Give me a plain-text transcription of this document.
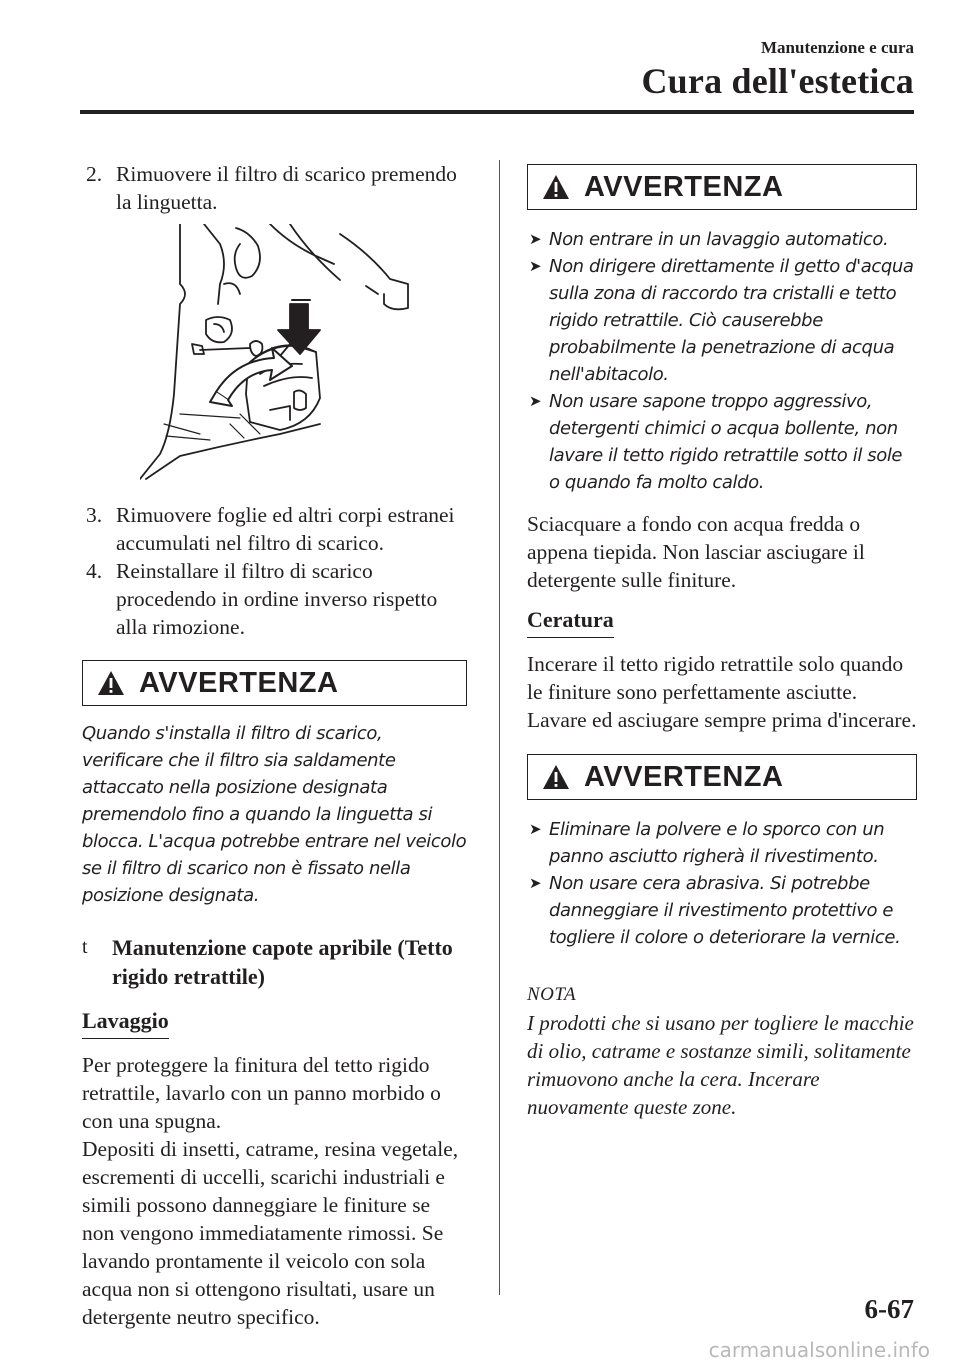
Manutenzione e cura
Cura dell'estetica

2. Rimuovere il filtro di scarico premendo la linguetta.

3. Rimuovere foglie ed altri corpi estranei accumulati nel filtro di scarico.

4. Reinstallare il filtro di scarico procedendo in ordine inverso rispetto alla rimozione.

AVVERTENZA

Quando s'installa il filtro di scarico, verificare che il filtro sia saldamente attaccato nella posizione designata premendolo fino a quando la linguetta si blocca. L'acqua potrebbe entrare nel veicolo se il filtro di scarico non è fissato nella posizione designata.

t Manutenzione capote apribile (Tetto rigido retrattile)
Lavaggio

Per proteggere la finitura del tetto rigido retrattile, lavarlo con un panno morbido o con una spugna.

Depositi di insetti, catrame, resina vegetale, escrementi di uccelli, scarichi industriali e simili possono danneggiare le finiture se non vengono immediatamente rimossi. Se lavando prontamente il veicolo con sola acqua non si ottengono risultati, usare un detergente neutro specifico.

AVVERTENZA
➤ Non entrare in un lavaggio automatico.
➤ Non dirigere direttamente il getto d'acqua sulla zona di raccordo tra cristalli e tetto rigido retrattile. Ciò causerebbe probabilmente la penetrazione di acqua nell'abitacolo.
➤ Non usare sapone troppo aggressivo, detergenti chimici o acqua bollente, non lavare il tetto rigido retrattile sotto il sole o quando fa molto caldo.

Sciacquare a fondo con acqua fredda o appena tiepida. Non lasciar asciugare il detergente sulle finiture.

Ceratura

Incerare il tetto rigido retrattile solo quando le finiture sono perfettamente asciutte. Lavare ed asciugare sempre prima d'incerare.

AVVERTENZA
➤ Eliminare la polvere e lo sporco con un panno asciutto righerà il rivestimento.
➤ Non usare cera abrasiva. Si potrebbe danneggiare il rivestimento protettivo e togliere il colore o deteriorare la vernice.
NOTA

I prodotti che si usano per togliere le macchie di olio, catrame e sostanze simili, solitamente rimuovono anche la cera. Incerare nuovamente queste zone.

6-67
carmanualsonline.info
